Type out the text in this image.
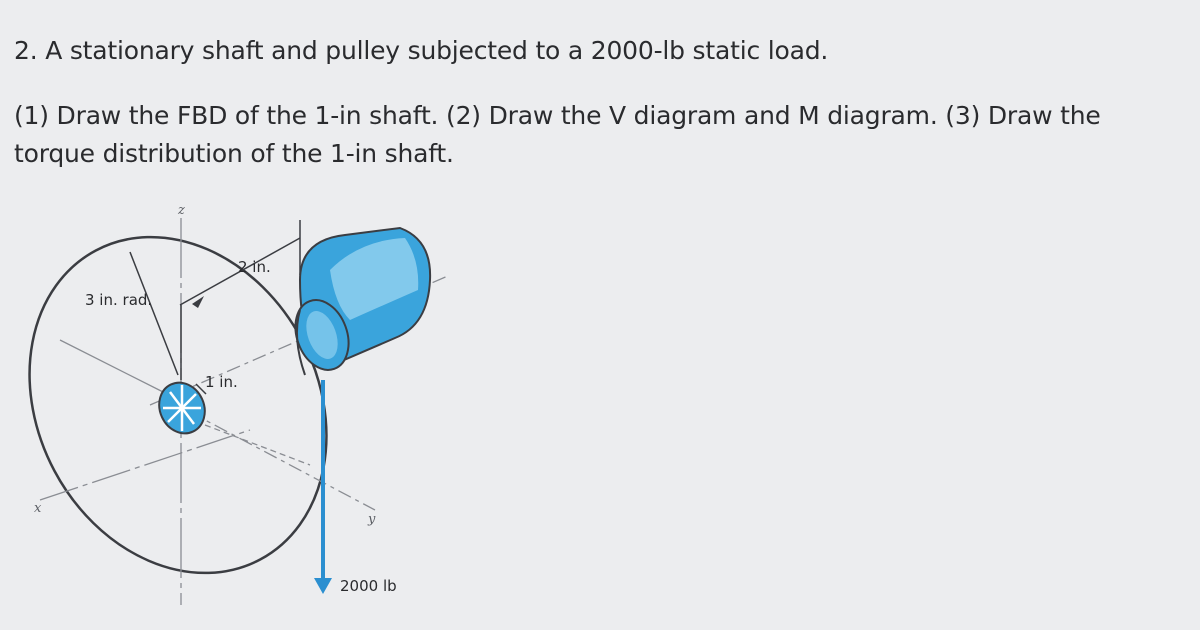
2. A stationary shaft and pulley subjected to a 2000-lb static load.
(1) Draw the FBD of the 1-in shaft. (2) Draw the V diagram and M diagram. (3) Draw the torque distribution of the 1-in shaft.
3 in. rad.
2 in.
1 in.
2000 lb
x
y
z
